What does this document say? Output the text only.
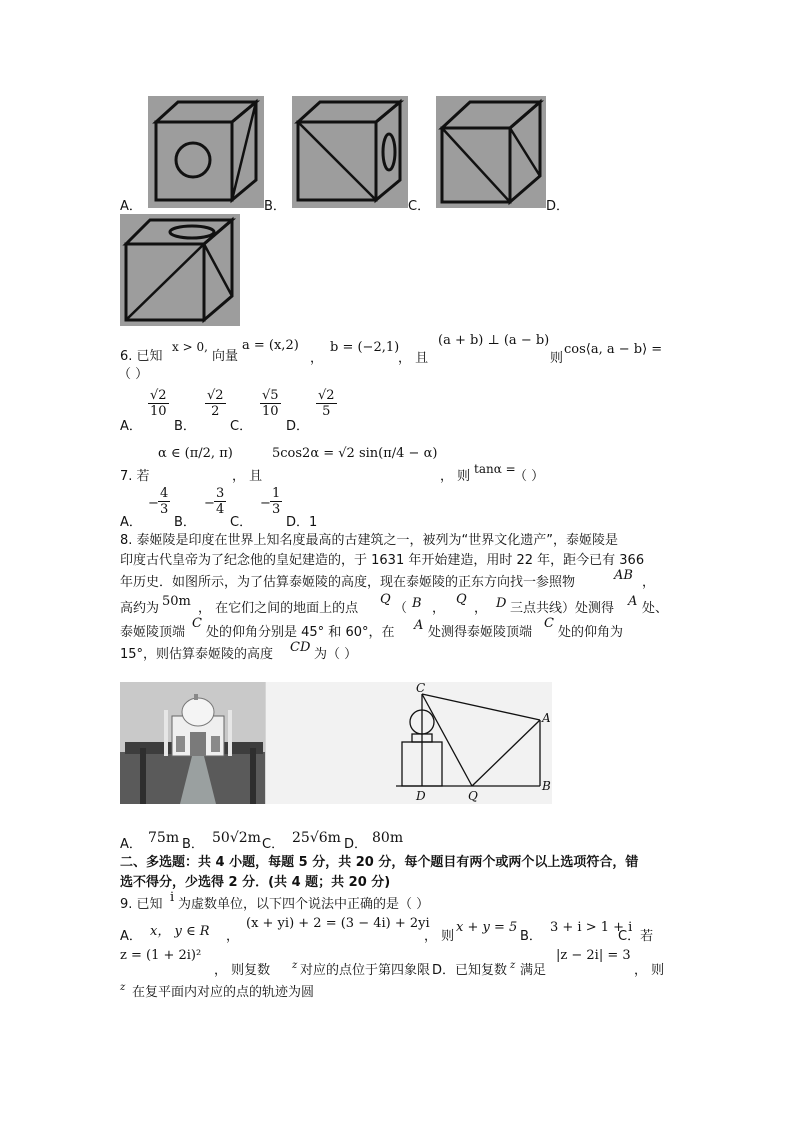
A．	B．	C．	D．
6. 已知
x > 0,
向量
a = (x,2)
，
b = (−2,1)
， 且
(a + b) ⊥ (a − b)
则
cos⟨a, a − b⟩ =
（ ）
A．
$\frac{√2}{10}$
B．
$\frac{√2}{2}$
C．
$\frac{√5}{10}$
D．
$\frac{√2}{5}$
α ∈ (π/2, π)	5cos2α = √2 sin(π/4 − α)
7. 若	， 且	， 则 tanα =
（ ）
A．
− $\frac{4}{3}$
B．
− $\frac{3}{4}$
C．
− $\frac{1}{3}$
D．1
8. 泰姬陵是印度在世界上知名度最高的古建筑之一，被列为“世界文化遗产”，泰姬陵是
印度古代皇帝为了纪念他的皇妃建造的，于 1631 年开始建造，用时 22 年，距今已有 366
年历史．如图所示，为了估算泰姬陵的高度，现在泰姬陵的正东方向找一参照物	AB ，
高约为 50m ， 在它们之间的地面上的点
Q
（ B ，
Q
， D 三点共线）处测得 A 处、
泰姬陵顶端
C
处的仰角分别是 45° 和 60°，在 A 处测得泰姬陵顶端
C
处的仰角为
15°，则估算泰姬陵的高度 CD 为（ ）
C
A
D	Q
B
A． 75m B． 50√2m C． 25√6m D． 80m
二、多选题：共 4 小题，每题 5 分，共 20 分，每个题目有两个或两个以上选项符合，错
选不得分，少选得 2 分．(共 4 题；共 20 分)
9. 已知 i 为虚数单位，以下四个说法中正确的是（ ）
A． x， y ∈ R ，
(x + yi) + 2 = (3 − 4i) + 2yi
， 则
x + y = 5
B．
3 + i > 1 + i
C．若
z = (1 + 2i)²
， 则复数 z 对应的点位于第四象限 D．已知复数 z 满足
|z − 2i| = 3
， 则
z 在复平面内对应的点的轨迹为圆
